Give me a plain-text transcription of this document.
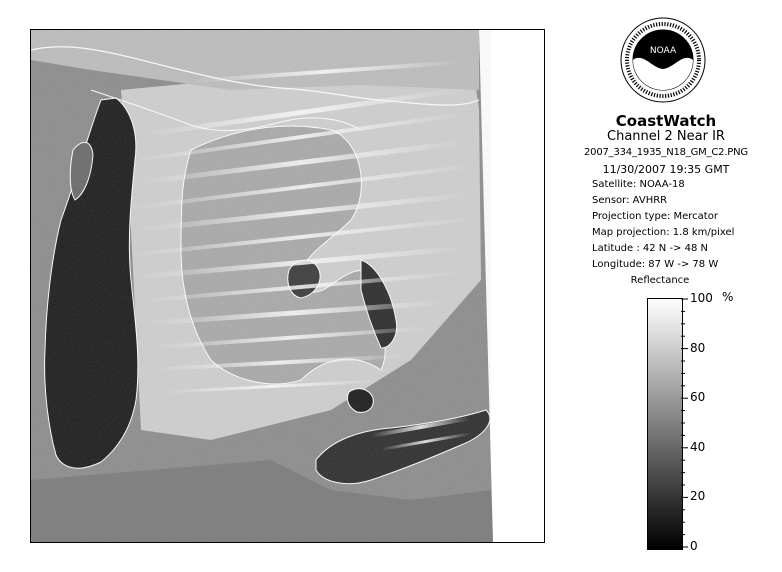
NOAA
CoastWatch
Channel 2 Near IR
2007_334_1935_N18_GM_C2.PNG
11/30/2007 19:35 GMT
Satellite: NOAA-18
Sensor: AVHRR
Projection type: Mercator
Map projection: 1.8 km/pixel
Latitude : 42 N -> 48 N
Longitude: 87 W -> 78 W
Reflectance
%
100
80
60
40
20
0
